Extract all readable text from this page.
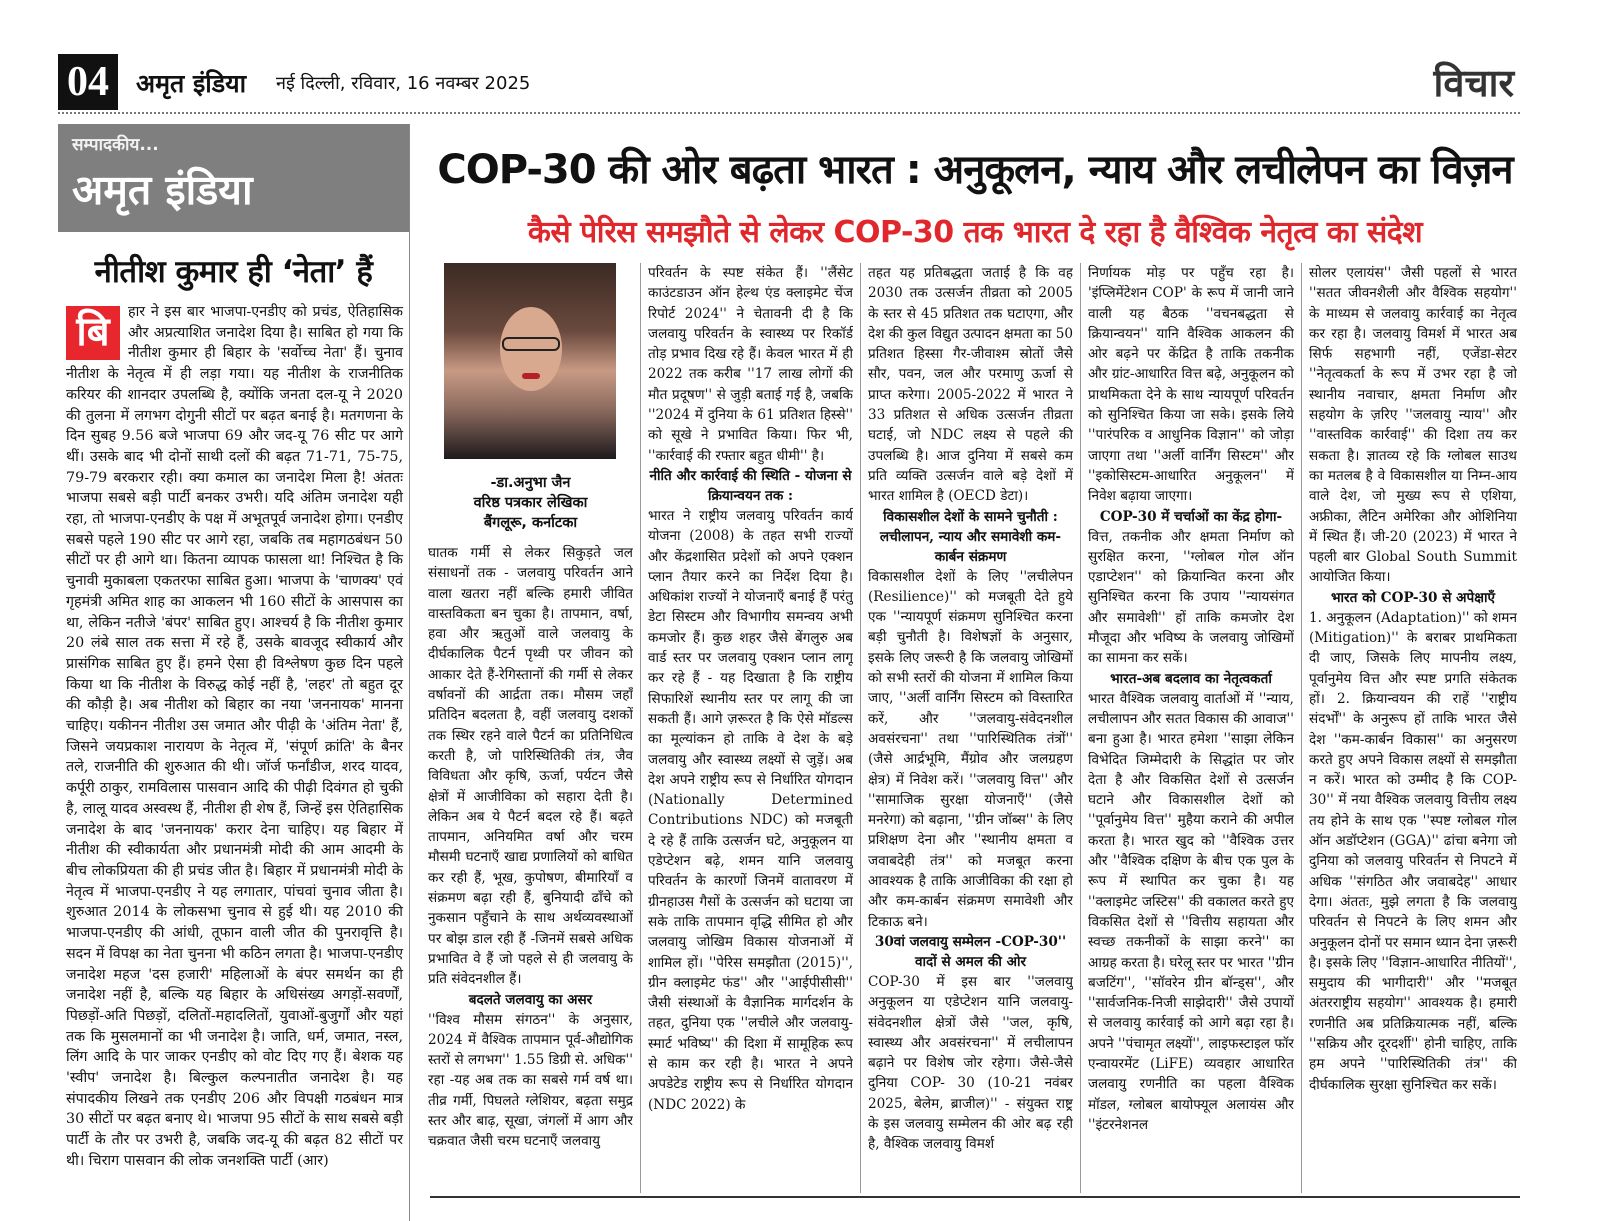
04	अमृत इंडिया नई दिल्ली, रविवार, 16 नवम्बर 2025	विचार
सम्पादकीय...
अमृत इंडिया
नीतीश कुमार ही ‘नेता’ हैं
बि	हार ने इस बार भाजपा-एनडीए को प्रचंड, ऐतिहासिक और अप्रत्याशित जनादेश दिया है। साबित हो गया कि नीतीश कुमार ही बिहार के 'सर्वोच्च नेता' हैं। चुनाव नीतीश के नेतृत्व में ही लड़ा गया। यह नीतीश के राजनीतिक करियर की शानदार उपलब्धि है, क्योंकि जनता दल-यू ने 2020 की तुलना में लगभग दोगुनी सीटों पर बढ़त बनाई है। मतगणना के दिन सुबह 9.56 बजे भाजपा 69 और जद-यू 76 सीट पर आगे थीं। उसके बाद भी दोनों साथी दलों की बढ़त 71-71, 75-75, 79-79 बरकरार रही। क्या कमाल का जनादेश मिला है! अंततः भाजपा सबसे बड़ी पार्टी बनकर उभरी। यदि अंतिम जनादेश यही रहा, तो भाजपा-एनडीए के पक्ष में अभूतपूर्व जनादेश होगा। एनडीए सबसे पहले 190 सीट पर आगे रहा, जबकि तब महागठबंधन 50 सीटों पर ही आगे था। कितना व्यापक फासला था! निश्चित है कि चुनावी मुकाबला एकतरफा साबित हुआ। भाजपा के 'चाणक्य' एवं गृहमंत्री अमित शाह का आकलन भी 160 सीटों के आसपास का था, लेकिन नतीजे 'बंपर' साबित हुए। आश्चर्य है कि नीतीश कुमार 20 लंबे साल तक सत्ता में रहे हैं, उसके बावजूद स्वीकार्य और प्रासंगिक साबित हुए हैं। हमने ऐसा ही विश्लेषण कुछ दिन पहले किया था कि नीतीश के विरुद्ध कोई नहीं है, 'लहर' तो बहुत दूर की कौड़ी है। अब नीतीश को बिहार का नया 'जननायक' मानना चाहिए। यकीनन नीतीश उस जमात और पीढ़ी के 'अंतिम नेता' हैं, जिसने जयप्रकाश नारायण के नेतृत्व में, 'संपूर्ण क्रांति' के बैनर तले, राजनीति की शुरुआत की थी। जॉर्ज फर्नांडीज, शरद यादव, कर्पूरी ठाकुर, रामविलास पासवान आदि की पीढ़ी दिवंगत हो चुकी है, लालू यादव अस्वस्थ हैं, नीतीश ही शेष हैं, जिन्हें इस ऐतिहासिक जनादेश के बाद 'जननायक' करार देना चाहिए। यह बिहार में नीतीश की स्वीकार्यता और प्रधानमंत्री मोदी की आम आदमी के बीच लोकप्रियता की ही प्रचंड जीत है। बिहार में प्रधानमंत्री मोदी के नेतृत्व में भाजपा-एनडीए ने यह लगातार, पांचवां चुनाव जीता है। शुरुआत 2014 के लोकसभा चुनाव से हुई थी। यह 2010 की भाजपा-एनडीए की आंधी, तूफान वाली जीत की पुनरावृत्ति है। सदन में विपक्ष का नेता चुनना भी कठिन लगता है। भाजपा-एनडीए जनादेश महज 'दस हजारी' महिलाओं के बंपर समर्थन का ही जनादेश नहीं है, बल्कि यह बिहार के अधिसंख्य अगड़ों-सवर्णों, पिछड़ों-अति पिछड़ों, दलितों-महादलितों, युवाओं-बुजुर्गों और यहां तक कि मुसलमानों का भी जनादेश है। जाति, धर्म, जमात, नस्ल, लिंग आदि के पार जाकर एनडीए को वोट दिए गए हैं। बेशक यह 'स्वीप' जनादेश है। बिल्कुल कल्पनातीत जनादेश है। यह संपादकीय लिखने तक एनडीए 206 और विपक्षी गठबंधन मात्र 30 सीटों पर बढ़त बनाए थे। भाजपा 95 सीटों के साथ सबसे बड़ी पार्टी के तौर पर उभरी है, जबकि जद-यू की बढ़त 82 सीटों पर थी। चिराग पासवान की लोक जनशक्ति पार्टी (आर)
COP-30 की ओर बढ़ता भारत : अनुकूलन, न्याय और लचीलेपन का विज़न
कैसे पेरिस समझौते से लेकर COP-30 तक भारत दे रहा है वैश्विक नेतृत्व का संदेश
-डा.अनुभा जैन
वरिष्ठ पत्रकार लेखिका
बैंगलूरू, कर्नाटका

घातक गर्मी से लेकर सिकुड़ते जल संसाधनों तक - जलवायु परिवर्तन आने वाला खतरा नहीं बल्कि हमारी जीवित वास्तविकता बन चुका है। तापमान, वर्षा, हवा और ऋतुओं वाले जलवायु के दीर्घकालिक पैटर्न पृथ्वी पर जीवन को आकार देते हैं-रेगिस्तानों की गर्मी से लेकर वर्षावनों की आर्द्रता तक। मौसम जहाँ प्रतिदिन बदलता है, वहीं जलवायु दशकों तक स्थिर रहने वाले पैटर्न का प्रतिनिधित्व करती है, जो पारिस्थितिकी तंत्र, जैव विविधता और कृषि, ऊर्जा, पर्यटन जैसे क्षेत्रों में आजीविका को सहारा देती है। लेकिन अब ये पैटर्न बदल रहे हैं। बढ़ते तापमान, अनियमित वर्षा और चरम मौसमी घटनाएँ खाद्य प्रणालियों को बाधित कर रही हैं, भूख, कुपोषण, बीमारियाँ व संक्रमण बढ़ा रही हैं, बुनियादी ढाँचे को नुकसान पहुँचाने के साथ अर्थव्यवस्थाओं पर बोझ डाल रही हैं -जिनमें सबसे अधिक प्रभावित वे हैं जो पहले से ही जलवायु के प्रति संवेदनशील हैं।

बदलते जलवायु का असर

''विश्व मौसम संगठन'' के अनुसार, 2024 में वैश्विक तापमान पूर्व-औद्योगिक स्तरों से लगभग'' 1.55 डिग्री से. अधिक'' रहा -यह अब तक का सबसे गर्म वर्ष था। तीव्र गर्मी, पिघलते ग्लेशियर, बढ़ता समुद्र स्तर और बाढ़, सूखा, जंगलों में आग और चक्रवात जैसी चरम घटनाएँ जलवायु

परिवर्तन के स्पष्ट संकेत हैं। ''लैंसेट काउंटडाउन ऑन हेल्थ एंड क्लाइमेट चेंज रिपोर्ट 2024'' ने चेतावनी दी है कि जलवायु परिवर्तन के स्वास्थ्य पर रिकॉर्ड तोड़ प्रभाव दिख रहे हैं। केवल भारत में ही 2022 तक करीब ''17 लाख लोगों की मौत प्रदूषण'' से जुड़ी बताई गई है, जबकि ''2024 में दुनिया के 61 प्रतिशत हिस्से'' को सूखे ने प्रभावित किया। फिर भी, ''कार्रवाई की रफ्तार बहुत धीमी'' है।

नीति और कार्रवाई की स्थिति - योजना से क्रियान्वयन तक :

भारत ने राष्ट्रीय जलवायु परिवर्तन कार्य योजना (2008) के तहत सभी राज्यों और केंद्रशासित प्रदेशों को अपने एक्शन प्लान तैयार करने का निर्देश दिया है। अधिकांश राज्यों ने योजनाएँ बनाई हैं परंतु डेटा सिस्टम और विभागीय समन्वय अभी कमजोर हैं। कुछ शहर जैसे बेंगलुरु अब वार्ड स्तर पर जलवायु एक्शन प्लान लागू कर रहे हैं - यह दिखाता है कि राष्ट्रीय सिफारिशें स्थानीय स्तर पर लागू की जा सकती हैं। आगे ज़रूरत है कि ऐसे मॉडल्स का मूल्यांकन हो ताकि वे देश के बड़े जलवायु और स्वास्थ्य लक्ष्यों से जुड़ें। अब देश अपने राष्ट्रीय रूप से निर्धारित योगदान (Nationally Determined Contributions NDC) को मजबूती दे रहे हैं ताकि उत्सर्जन घटे, अनुकूलन या एडेप्टेशन बढ़े, शमन यानि जलवायु परिवर्तन के कारणों जिनमें वातावरण में ग्रीनहाउस गैसों के उत्सर्जन को घटाया जा सके ताकि तापमान वृद्धि सीमित हो और जलवायु जोखिम विकास योजनाओं में शामिल हों। ''पेरिस समझौता (2015)'', ग्रीन क्लाइमेट फंड'' और ''आईपीसीसी'' जैसी संस्थाओं के वैज्ञानिक मार्गदर्शन के तहत, दुनिया एक ''लचीले और जलवायु-स्मार्ट भविष्य'' की दिशा में सामूहिक रूप से काम कर रही है। भारत ने अपने अपडेटेड राष्ट्रीय रूप से निर्धारित योगदान (NDC 2022) के

तहत यह प्रतिबद्धता जताई है कि वह 2030 तक उत्सर्जन तीव्रता को 2005 के स्तर से 45 प्रतिशत तक घटाएगा, और देश की कुल विद्युत उत्पादन क्षमता का 50 प्रतिशत हिस्सा गैर-जीवाश्म स्रोतों जैसे सौर, पवन, जल और परमाणु ऊर्जा से प्राप्त करेगा। 2005-2022 में भारत ने 33 प्रतिशत से अधिक उत्सर्जन तीव्रता घटाई, जो NDC लक्ष्य से पहले की उपलब्धि है। आज दुनिया में सबसे कम प्रति व्यक्ति उत्सर्जन वाले बड़े देशों में भारत शामिल है (OECD डेटा)।

विकासशील देशों के सामने चुनौती : लचीलापन, न्याय और समावेशी कम-कार्बन संक्रमण

विकासशील देशों के लिए ''लचीलेपन (Resilience)'' को मजबूती देते हुये एक ''न्यायपूर्ण संक्रमण सुनिश्चित करना बड़ी चुनौती है। विशेषज्ञों के अनुसार, इसके लिए जरूरी है कि जलवायु जोखिमों को सभी स्तरों की योजना में शामिल किया जाए, ''अर्ली वार्निंग सिस्टम को विस्तारित करें, और ''जलवायु-संवेदनशील अवसंरचना'' तथा ''पारिस्थितिक तंत्रों'' (जैसे आर्द्रभूमि, मैंग्रोव और जलग्रहण क्षेत्र) में निवेश करें। ''जलवायु वित्त'' और ''सामाजिक सुरक्षा योजनाएँ'' (जैसे मनरेगा) को बढ़ाना, ''ग्रीन जॉब्स'' के लिए प्रशिक्षण देना और ''स्थानीय क्षमता व जवाबदेही तंत्र'' को मजबूत करना आवश्यक है ताकि आजीविका की रक्षा हो और कम-कार्बन संक्रमण समावेशी और टिकाऊ बने।

30वां जलवायु सम्मेलन -COP-30'' वादों से अमल की ओर

COP-30 में इस बार ''जलवायु अनुकूलन या एडेप्टेशन यानि जलवायु-संवेदनशील क्षेत्रों जैसे ''जल, कृषि, स्वास्थ्य और अवसंरचना'' में लचीलापन बढ़ाने पर विशेष जोर रहेगा। जैसे-जैसे दुनिया COP- 30 (10-21 नवंबर 2025, बेलेम, ब्राजील)'' - संयुक्त राष्ट्र के इस जलवायु सम्मेलन की ओर बढ़ रही है, वैश्विक जलवायु विमर्श

निर्णायक मोड़ पर पहुँच रहा है। 'इंप्लिमेंटेशन COP' के रूप में जानी जाने वाली यह बैठक ''वचनबद्धता से क्रियान्वयन'' यानि वैश्विक आकलन की ओर बढ़ने पर केंद्रित है ताकि तकनीक और ग्रांट-आधारित वित्त बढ़े, अनुकूलन को प्राथमिकता देने के साथ न्यायपूर्ण परिवर्तन को सुनिश्चित किया जा सके। इसके लिये ''पारंपरिक व आधुनिक विज्ञान'' को जोड़ा जाएगा तथा ''अर्ली वार्निंग सिस्टम'' और ''इकोसिस्टम-आधारित अनुकूलन'' में निवेश बढ़ाया जाएगा।

COP-30 में चर्चाओं का केंद्र होगा-

वित्त, तकनीक और क्षमता निर्माण को सुरक्षित करना, ''ग्लोबल गोल ऑन एडाप्टेशन'' को क्रियान्वित करना और सुनिश्चित करना कि उपाय ''न्यायसंगत और समावेशी'' हों ताकि कमजोर देश मौजूदा और भविष्य के जलवायु जोखिमों का सामना कर सकें।

भारत-अब बदलाव का नेतृत्वकर्ता

भारत वैश्विक जलवायु वार्ताओं में ''न्याय, लचीलापन और सतत विकास की आवाज'' बना हुआ है। भारत हमेशा ''साझा लेकिन विभेदित जिम्मेदारी के सिद्धांत पर जोर देता है और विकसित देशों से उत्सर्जन घटाने और विकासशील देशों को ''पूर्वानुमेय वित्त'' मुहैया कराने की अपील करता है। भारत खुद को ''वैश्विक उत्तर और ''वैश्विक दक्षिण के बीच एक पुल के रूप में स्थापित कर चुका है। यह ''क्लाइमेट जस्टिस'' की वकालत करते हुए विकसित देशों से ''वित्तीय सहायता और स्वच्छ तकनीकों के साझा करने'' का आग्रह करता है। घरेलू स्तर पर भारत ''ग्रीन बजटिंग'', ''सॉवरेन ग्रीन बॉन्ड्स'', और ''सार्वजनिक-निजी साझेदारी'' जैसे उपायों से जलवायु कार्रवाई को आगे बढ़ा रहा है। अपने ''पंचामृत लक्ष्यों'', लाइफस्टाइल फॉर एन्वायरमेंट (LiFE) व्यवहार आधारित जलवायु रणनीति का पहला वैश्विक मॉडल, ग्लोबल बायोफ्यूल अलायंस और ''इंटरनेशनल

सोलर एलायंस'' जैसी पहलों से भारत ''सतत जीवनशैली और वैश्विक सहयोग'' के माध्यम से जलवायु कार्रवाई का नेतृत्व कर रहा है। जलवायु विमर्श में भारत अब सिर्फ सहभागी नहीं, एजेंडा-सेटर ''नेतृत्वकर्ता के रूप में उभर रहा है जो स्थानीय नवाचार, क्षमता निर्माण और सहयोग के ज़रिए ''जलवायु न्याय'' और ''वास्तविक कार्रवाई'' की दिशा तय कर सकता है। ज्ञातव्य रहे कि ग्लोबल साउथ का मतलब है वे विकासशील या निम्न-आय वाले देश, जो मुख्य रूप से एशिया, अफ्रीका, लैटिन अमेरिका और ओशिनिया में स्थित हैं। जी-20 (2023) में भारत ने पहली बार Global South Summit आयोजित किया।

भारत को COP-30 से अपेक्षाएँ

1. अनुकूलन (Adaptation)'' को शमन (Mitigation)'' के बराबर प्राथमिकता दी जाए, जिसके लिए मापनीय लक्ष्य, पूर्वानुमेय वित्त और स्पष्ट प्रगति संकेतक हों। 2. क्रियान्वयन की राहें ''राष्ट्रीय संदर्भों'' के अनुरूप हों ताकि भारत जैसे देश ''कम-कार्बन विकास'' का अनुसरण करते हुए अपने विकास लक्ष्यों से समझौता न करें। भारत को उम्मीद है कि COP- 30'' में नया वैश्विक जलवायु वित्तीय लक्ष्य तय होने के साथ एक ''स्पष्ट ग्लोबल गोल ऑन अडॉप्टेशन (GGA)'' ढांचा बनेगा जो दुनिया को जलवायु परिवर्तन से निपटने में अधिक ''संगठित और जवाबदेह'' आधार देगा। अंततः, मुझे लगता है कि जलवायु परिवर्तन से निपटने के लिए शमन और अनुकूलन दोनों पर समान ध्यान देना ज़रूरी है। इसके लिए ''विज्ञान-आधारित नीतियों'', समुदाय की भागीदारी'' और ''मजबूत अंतरराष्ट्रीय सहयोग'' आवश्यक है। हमारी रणनीति अब प्रतिक्रियात्मक नहीं, बल्कि ''सक्रिय और दूरदर्शी'' होनी चाहिए, ताकि हम अपने ''पारिस्थितिकी तंत्र'' की दीर्घकालिक सुरक्षा सुनिश्चित कर सकें।
